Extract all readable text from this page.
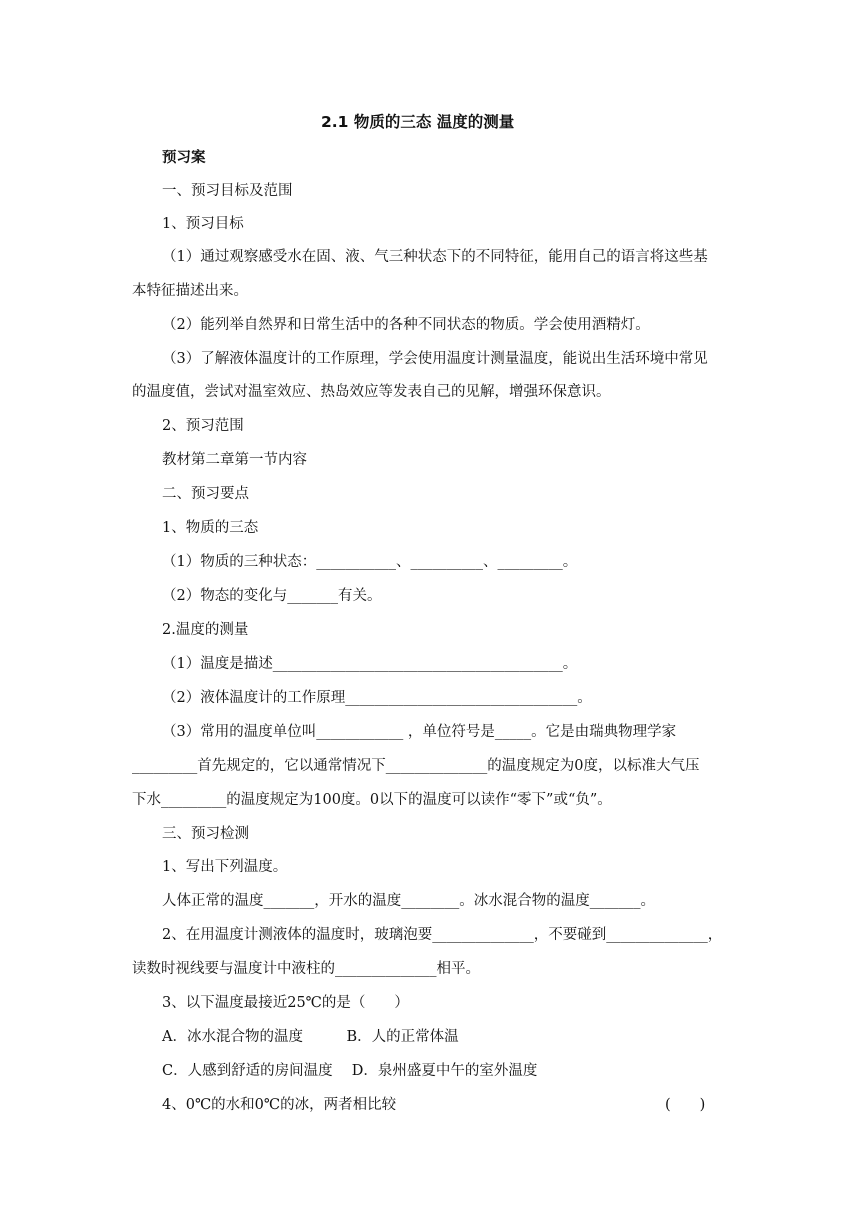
2.1 物质的三态 温度的测量
预习案
一、预习目标及范围
1、预习目标
（1）通过观察感受水在固、液、气三种状态下的不同特征，能用自己的语言将这些基
本特征描述出来。
（2）能列举自然界和日常生活中的各种不同状态的物质。学会使用酒精灯。
（3）了解液体温度计的工作原理，学会使用温度计测量温度，能说出生活环境中常见
的温度值，尝试对温室效应、热岛效应等发表自己的见解，增强环保意识。
2、预习范围
教材第二章第一节内容
二、预习要点
1、物质的三态
（1）物质的三种状态：___________、__________、_________。
（2）物态的变化与_______有关。
2.温度的测量
（1）温度是描述________________________________________。
（2）液体温度计的工作原理________________________________。
（3）常用的温度单位叫____________ ，单位符号是_____。它是由瑞典物理学家
_________首先规定的，它以通常情况下______________的温度规定为0度，以标准大气压
下水_________的温度规定为100度。0以下的温度可以读作“零下”或“负”。
三、预习检测
1、写出下列温度。
人体正常的温度_______，开水的温度________。冰水混合物的温度_______。
2、在用温度计测液体的温度时，玻璃泡要______________，不要碰到______________，
读数时视线要与温度计中液柱的______________相平。
3、以下温度最接近25℃的是（　　）
A．冰水混合物的温度　　　B．人的正常体温
C．人感到舒适的房间温度　 D．泉州盛夏中午的室外温度
4、0℃的水和0℃的冰，两者相比较	(　　)
